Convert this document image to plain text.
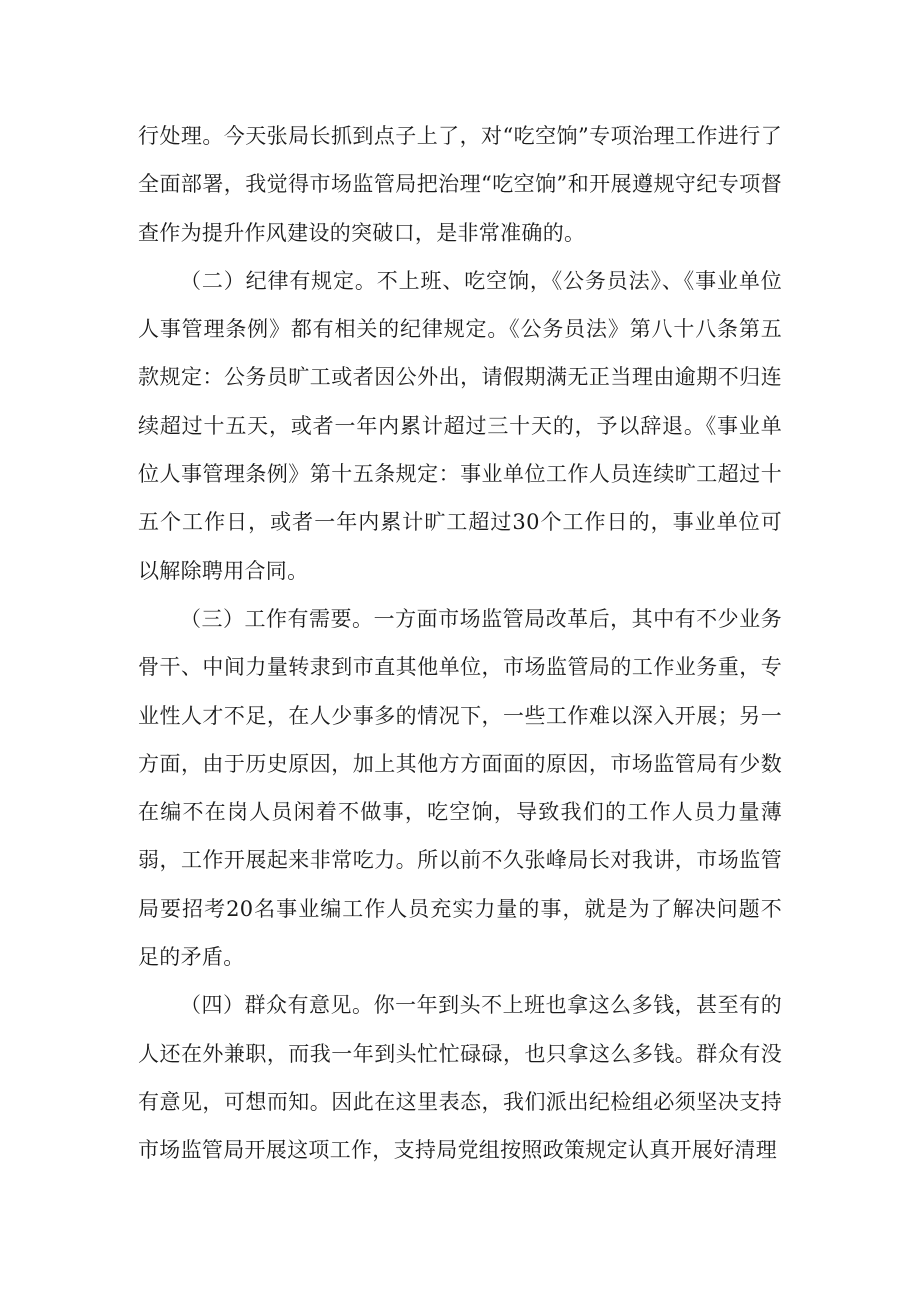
行处理。今天张局长抓到点子上了，对“吃空饷”专项治理工作进行了全面部署，我觉得市场监管局把治理“吃空饷”和开展遵规守纪专项督查作为提升作风建设的突破口，是非常准确的。

（二）纪律有规定。不上班、吃空饷，《公务员法》、《事业单位人事管理条例》都有相关的纪律规定。《公务员法》第八十八条第五款规定：公务员旷工或者因公外出，请假期满无正当理由逾期不归连续超过十五天，或者一年内累计超过三十天的，予以辞退。《事业单位人事管理条例》第十五条规定：事业单位工作人员连续旷工超过十五个工作日，或者一年内累计旷工超过30个工作日的，事业单位可以解除聘用合同。

（三）工作有需要。一方面市场监管局改革后，其中有不少业务骨干、中间力量转隶到市直其他单位，市场监管局的工作业务重，专业性人才不足，在人少事多的情况下，一些工作难以深入开展；另一方面，由于历史原因，加上其他方方面面的原因，市场监管局有少数在编不在岗人员闲着不做事，吃空饷，导致我们的工作人员力量薄弱，工作开展起来非常吃力。所以前不久张峰局长对我讲，市场监管局要招考20名事业编工作人员充实力量的事，就是为了解决问题不足的矛盾。

（四）群众有意见。你一年到头不上班也拿这么多钱，甚至有的人还在外兼职，而我一年到头忙忙碌碌，也只拿这么多钱。群众有没有意见，可想而知。因此在这里表态，我们派出纪检组必须坚决支持市场监管局开展这项工作，支持局党组按照政策规定认真开展好清理
